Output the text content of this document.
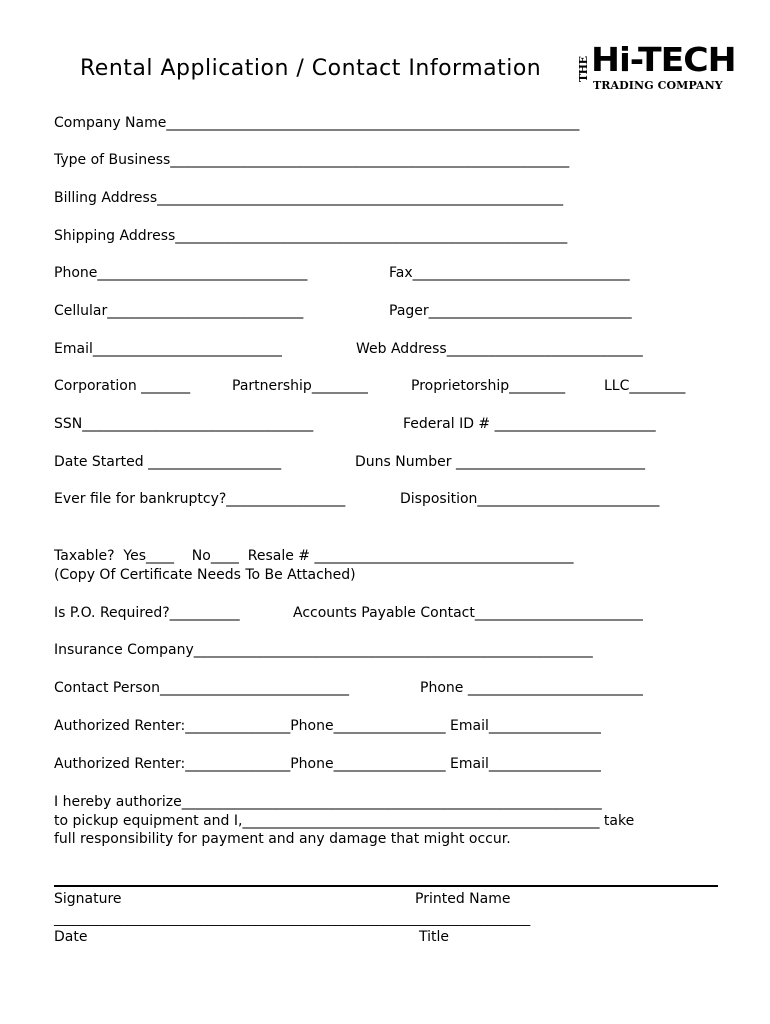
Rental Application / Contact Information	THE Hi-TECH
TRADING COMPANY
Company Name___________________________________________________________
Type of Business_________________________________________________________
Billing Address__________________________________________________________
Shipping Address________________________________________________________
Phone______________________________	Fax_______________________________
Cellular____________________________	Pager_____________________________
Email___________________________	Web Address____________________________
Corporation _______	Partnership________	Proprietorship________	LLC________
SSN_________________________________	Federal ID # _______________________
Date Started ___________________	Duns Number ___________________________
Ever file for bankruptcy?_________________	Disposition__________________________
Taxable?  Yes____    No____  Resale # _____________________________________
(Copy Of Certificate Needs To Be Attached)
Is P.O. Required?__________	Accounts Payable Contact________________________
Insurance Company_________________________________________________________
Contact Person___________________________	Phone _________________________
Authorized Renter:_______________Phone________________ Email________________
Authorized Renter:_______________Phone________________ Email________________
I hereby authorize____________________________________________________________
to pickup equipment and I,___________________________________________________ take
full responsibility for payment and any damage that might occur.
Signature	Printed Name
______________________________________________________________________________
Date	Title
